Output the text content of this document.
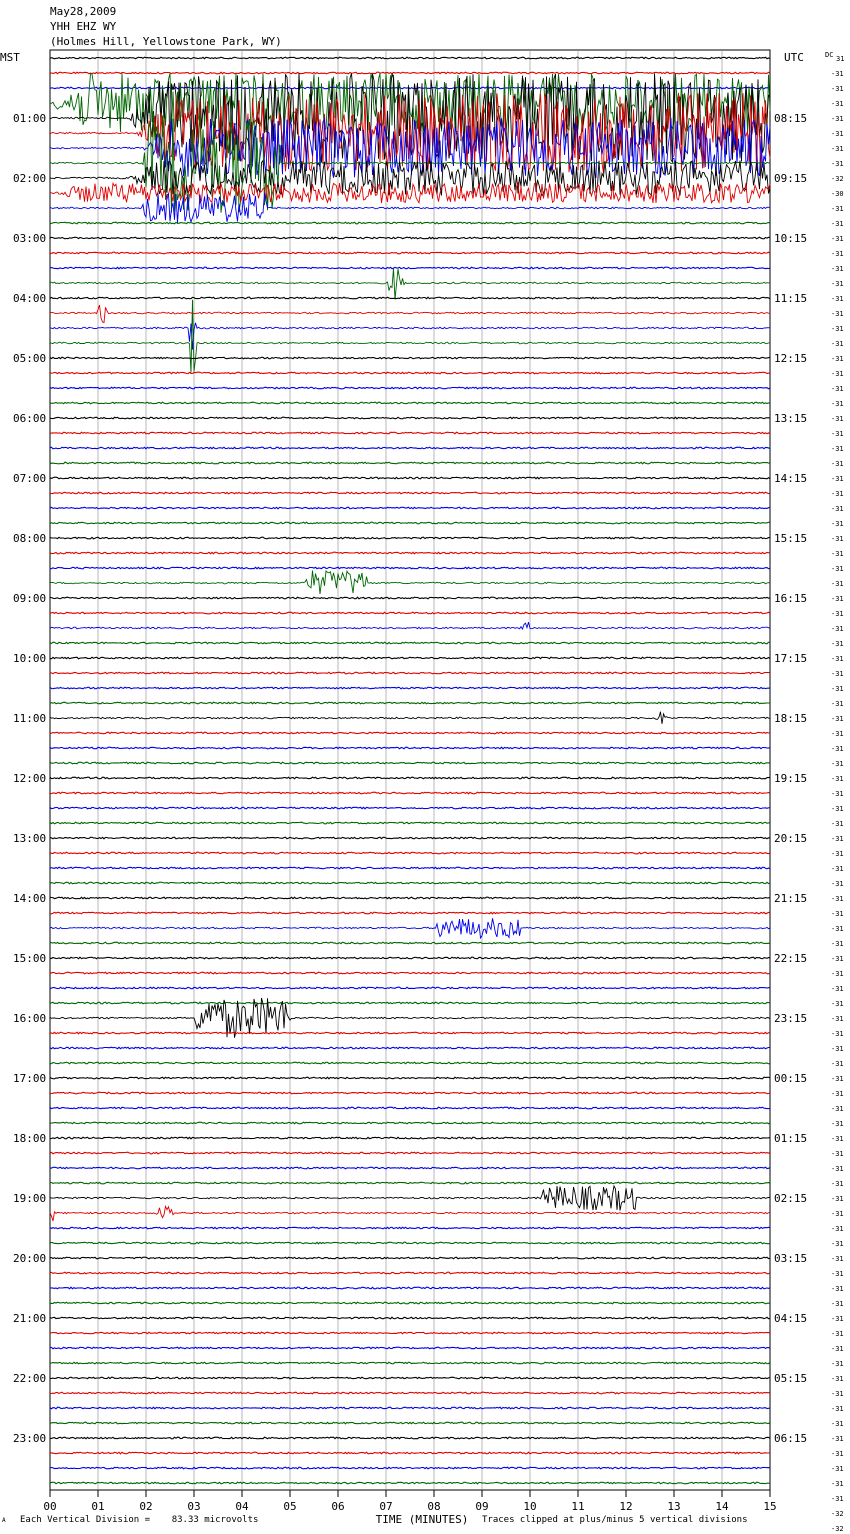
May28,2009
YHH EHZ WY
(Holmes Hill, Yellowstone Park, WY)
MST	UTC	DC
01:00
02:00
03:00
04:00
05:00
06:00
07:00
08:00
09:00
10:00
11:00
12:00
13:00
14:00
15:00
16:00
17:00
18:00
19:00
20:00
21:00
22:00
23:00
08:15
09:15
10:15
11:15
12:15
13:15
14:15
15:15
16:15
17:15
18:15
19:15
20:15
21:15
22:15
23:15
00:15
01:15
02:15
03:15
04:15
05:15
06:15
31
-31
-31
-31
-31
-31
-31
-31
-32
-30
-31
-31
-31
-31
-31
-31
-31
-31
-31
-31
-31
-31
-31
-31
-31
-31
-31
-31
-31
-31
-31
-31
-31
-31
-31
-31
-31
-31
-31
-31
-31
-31
-31
-31
-31
-31
-31
-31
-31
-31
-31
-31
-31
-31
-31
-31
-31
-31
-31
-31
-31
-31
-31
-31
-31
-31
-31
-31
-31
-31
-31
-31
-31
-31
-31
-31
-31
-31
-31
-31
-31
-31
-31
-31
-31
-31
-31
-31
-31
-31
-31
-31
-31
-31
-31
-31
-31
-32
-32
00	01	02	03	04	05	06	07	08	09	10	11	12	13	14	15
TIME (MINUTES)
A Each Vertical Division =    83.33 microvolts	Traces clipped at plus/minus 5 vertical divisions
